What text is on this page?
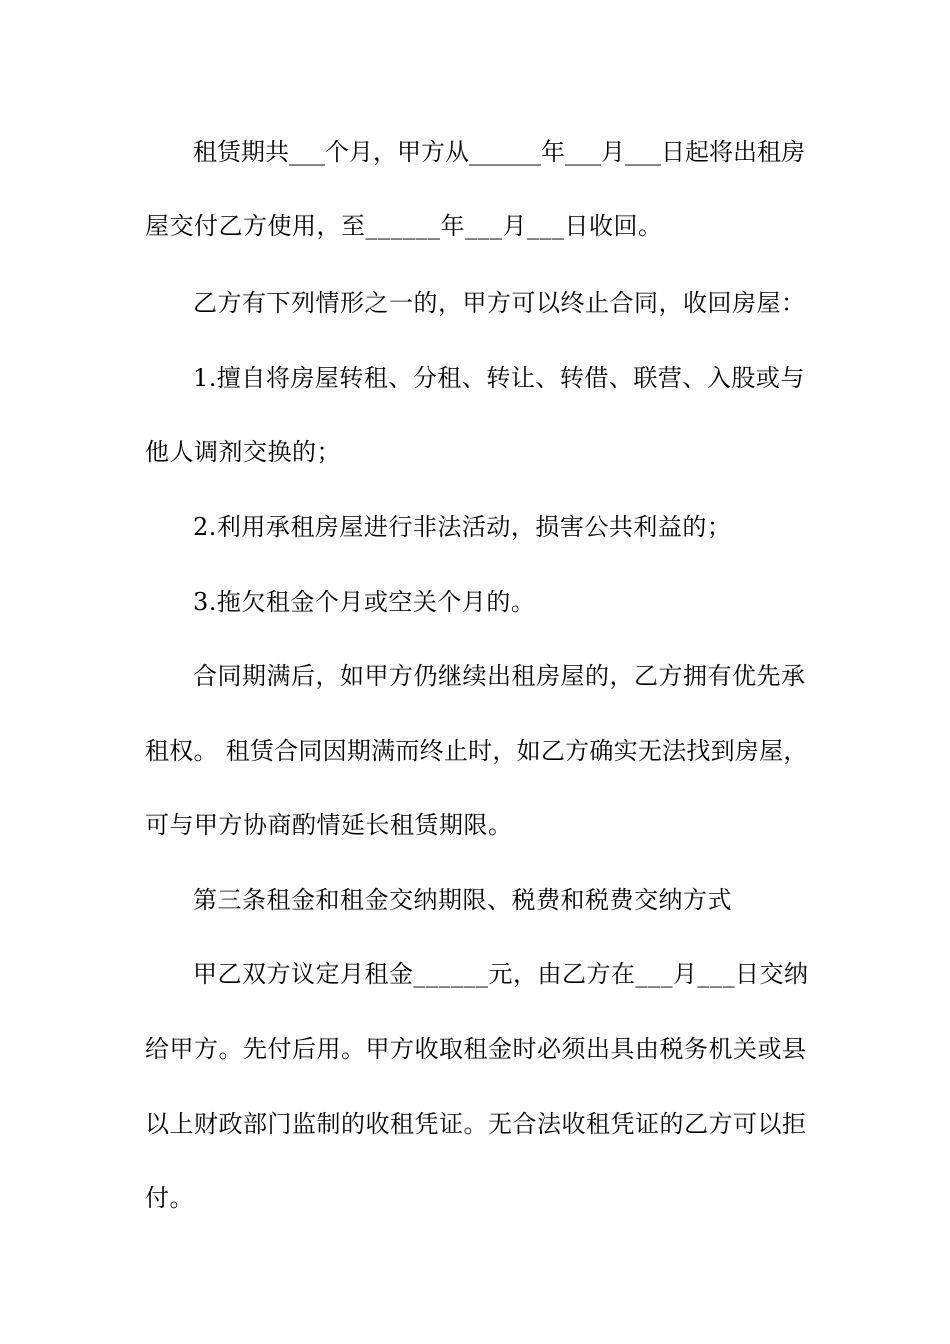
租赁期共___个月，甲方从______年___月___日起将出租房
屋交付乙方使用，至______年___月___日收回。
乙方有下列情形之一的，甲方可以终止合同，收回房屋：
1.擅自将房屋转租、分租、转让、转借、联营、入股或与
他人调剂交换的；
2.利用承租房屋进行非法活动，损害公共利益的；
3.拖欠租金个月或空关个月的。
合同期满后，如甲方仍继续出租房屋的，乙方拥有优先承
租权。 租赁合同因期满而终止时，如乙方确实无法找到房屋，
可与甲方协商酌情延长租赁期限。
第三条租金和租金交纳期限、税费和税费交纳方式
甲乙双方议定月租金______元，由乙方在___月___日交纳
给甲方。先付后用。甲方收取租金时必须出具由税务机关或县
以上财政部门监制的收租凭证。无合法收租凭证的乙方可以拒
付。
